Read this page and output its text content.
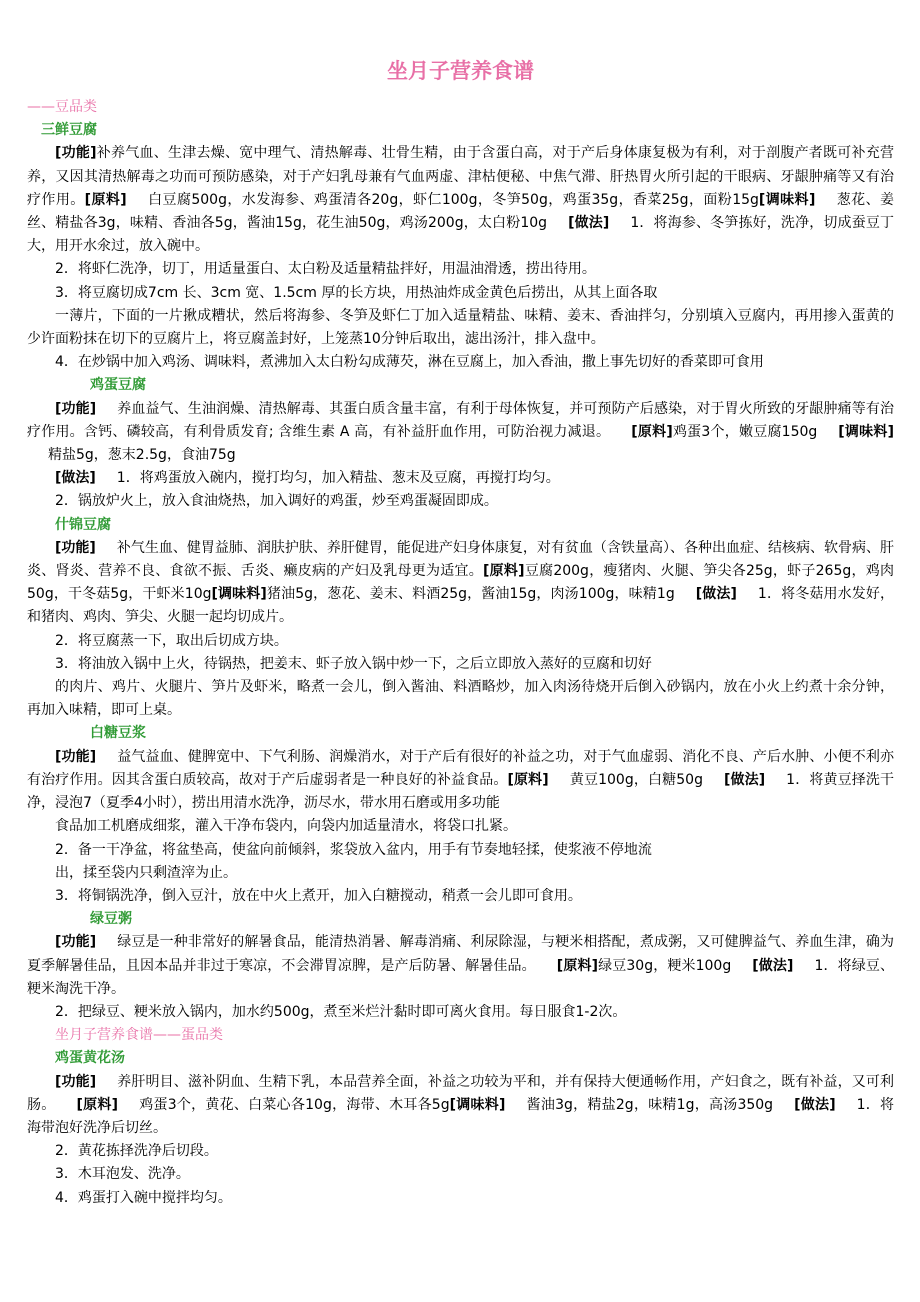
坐月子营养食谱
——豆品类
三鲜豆腐
[功能]补养气血、生津去燥、宽中理气、清热解毒、壮骨生精，由于含蛋白高，对于产后身体康复极为有利，对于剖腹产者既可补充营养，又因其清热解毒之功而可预防感染，对于产妇乳母兼有气血两虚、津枯便秘、中焦气滞、肝热胃火所引起的干眼病、牙龈肿痛等又有治疗作用。[原料] 白豆腐500g，水发海参、鸡蛋清各20g，虾仁100g，冬笋50g，鸡蛋35g，香菜25g，面粉15g[调味料] 葱花、姜丝、精盐各3g，味精、香油各5g，酱油15g，花生油50g，鸡汤200g，太白粉10g [做法] 1．将海参、冬笋拣好，洗净，切成蚕豆丁大，用开水氽过，放入碗中。
2．将虾仁洗净，切丁，用适量蛋白、太白粉及适量精盐拌好，用温油滑透，捞出待用。
3．将豆腐切成7cm 长、3cm 宽、1.5cm 厚的长方块，用热油炸成金黄色后捞出，从其上面各取
一薄片，下面的一片揪成糟状，然后将海参、冬笋及虾仁丁加入适量精盐、味精、姜末、香油拌匀，分别填入豆腐内，再用掺入蛋黄的少许面粉抹在切下的豆腐片上，将豆腐盖封好，上笼蒸10分钟后取出，滤出汤汁，排入盘中。
4．在炒锅中加入鸡汤、调味料，煮沸加入太白粉勾成薄芡，淋在豆腐上，加入香油，撒上事先切好的香菜即可食用
鸡蛋豆腐
[功能] 养血益气、生油润燥、清热解毒、其蛋白质含量丰富，有利于母体恢复，并可预防产后感染，对于胃火所致的牙龈肿痛等有治疗作用。含钙、磷较高，有利骨质发育; 含维生素 A 高，有补益肝血作用，可防治视力减退。 [原料]鸡蛋3个，嫩豆腐150g [调味料]精盐5g，葱末2.5g，食油75g
[做法] 1．将鸡蛋放入碗内，搅打均匀，加入精盐、葱末及豆腐，再搅打均匀。
2．锅放炉火上，放入食油烧热，加入调好的鸡蛋，炒至鸡蛋凝固即成。
什锦豆腐
[功能] 补气生血、健胃益肺、润肤护肤、养肝健胃，能促进产妇身体康复，对有贫血（含铁量高）、各种出血症、结核病、软骨病、肝炎、肾炎、营养不良、食欲不振、舌炎、癞皮病的产妇及乳母更为适宜。[原料]豆腐200g，瘦猪肉、火腿、笋尖各25g，虾子265g，鸡肉50g，干冬菇5g，干虾米10g[调味料]猪油5g，葱花、姜末、料酒25g，酱油15g，肉汤100g，味精1g [做法] 1．将冬菇用水发好，和猪肉、鸡肉、笋尖、火腿一起均切成片。
2．将豆腐蒸一下，取出后切成方块。
3．将油放入锅中上火，待锅热，把姜末、虾子放入锅中炒一下，之后立即放入蒸好的豆腐和切好
的肉片、鸡片、火腿片、笋片及虾米，略煮一会儿，倒入酱油、料酒略炒，加入肉汤待烧开后倒入砂锅内，放在小火上约煮十余分钟，再加入味精，即可上桌。
白糖豆浆
[功能] 益气益血、健脾宽中、下气利肠、润燥消水，对于产后有很好的补益之功，对于气血虚弱、消化不良、产后水肿、小便不利亦有治疗作用。因其含蛋白质较高，故对于产后虚弱者是一种良好的补益食品。[原料] 黄豆100g，白糖50g [做法] 1．将黄豆择洗干净，浸泡7（夏季4小时），捞出用清水洗净，沥尽水，带水用石磨或用多功能
食品加工机磨成细浆，灌入干净布袋内，向袋内加适量清水，将袋口扎紧。
2．备一干净盆，将盆垫高，使盆向前倾斜，浆袋放入盆内，用手有节奏地轻揉，使浆液不停地流
出，揉至袋内只剩渣滓为止。
3．将铜锅洗净，倒入豆汁，放在中火上煮开，加入白糖搅动，稍煮一会儿即可食用。
绿豆粥
[功能] 绿豆是一种非常好的解暑食品，能清热消暑、解毒消痛、利尿除湿，与粳米相搭配，煮成粥，又可健脾益气、养血生津，确为夏季解暑佳品，且因本品并非过于寒凉，不会滞胃凉脾，是产后防暑、解暑佳品。 [原料]绿豆30g，粳米100g [做法] 1．将绿豆、粳米淘洗干净。
2．把绿豆、粳米放入锅内，加水约500g，煮至米烂汁黏时即可离火食用。每日服食1-2次。
坐月子营养食谱——蛋品类
鸡蛋黄花汤
[功能] 养肝明目、滋补阴血、生精下乳，本品营养全面，补益之功较为平和，并有保持大便通畅作用，产妇食之，既有补益，又可利肠。 [原料] 鸡蛋3个，黄花、白菜心各10g，海带、木耳各5g[调味料] 酱油3g，精盐2g，味精1g，高汤350g [做法] 1．将海带泡好洗净后切丝。
2．黄花拣择洗净后切段。
3．木耳泡发、洗净。
4．鸡蛋打入碗中搅拌均匀。
